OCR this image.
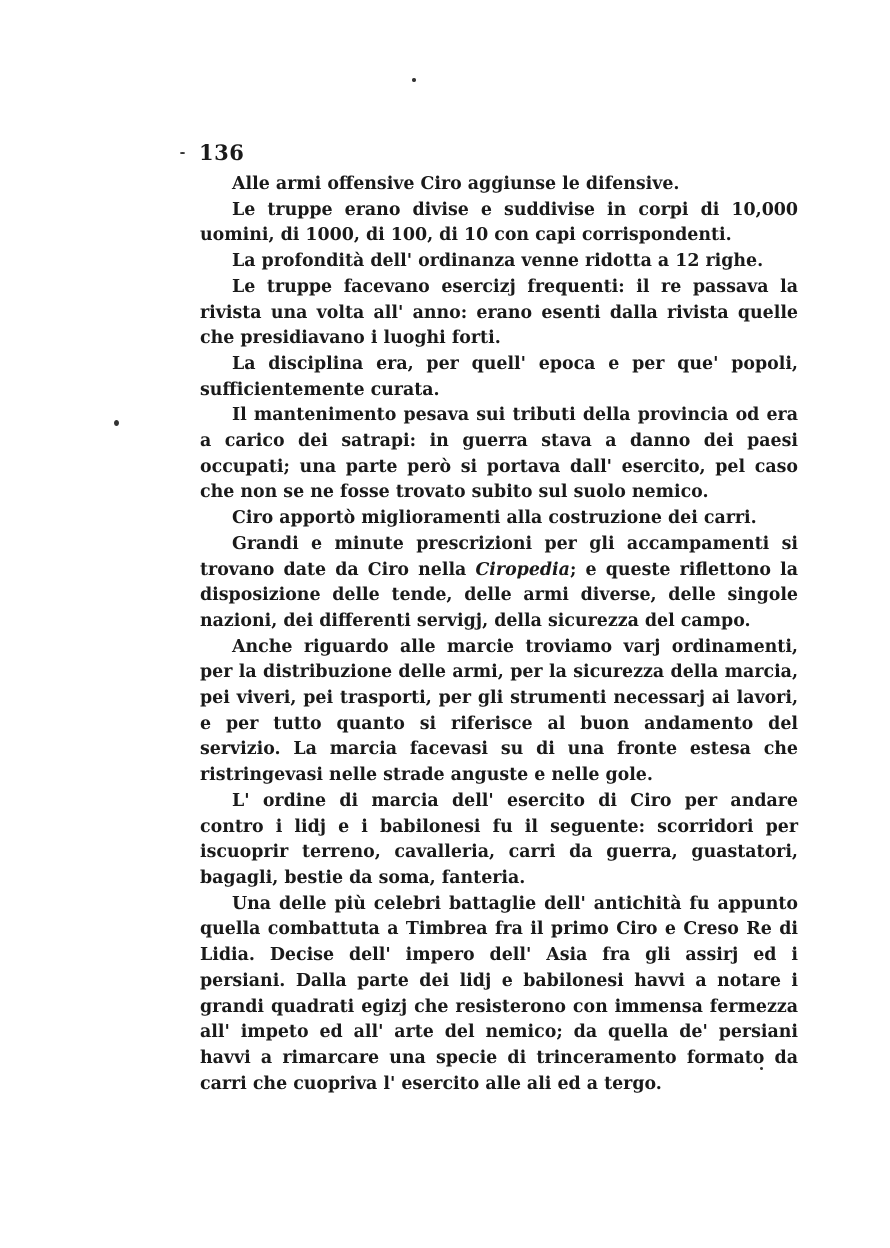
136

Alle armi offensive Ciro aggiunse le difensive.

Le truppe erano divise e suddivise in corpi di 10,000 uomini, di 1000, di 100, di 10 con capi corrispondenti.

La profondità dell' ordinanza venne ridotta a 12 righe.

Le truppe facevano esercizj frequenti: il re passava la rivista una volta all' anno: erano esenti dalla rivista quelle che presidiavano i luoghi forti.

La disciplina era, per quell' epoca e per que' popoli, sufficientemente curata.

Il mantenimento pesava sui tributi della provincia od era a carico dei satrapi: in guerra stava a danno dei paesi occupati; una parte però si portava dall' esercito, pel caso che non se ne fosse trovato subito sul suolo nemico.

Ciro apportò miglioramenti alla costruzione dei carri.

Grandi e minute prescrizioni per gli accampamenti si trovano date da Ciro nella Ciropedia; e queste riflettono la disposizione delle tende, delle armi diverse, delle singole nazioni, dei differenti servigj, della sicurezza del campo.

Anche riguardo alle marcie troviamo varj ordinamenti, per la distribuzione delle armi, per la sicurezza della marcia, pei viveri, pei trasporti, per gli strumenti necessarj ai lavori, e per tutto quanto si riferisce al buon andamento del servizio. La marcia facevasi su di una fronte estesa che ristringevasi nelle strade anguste e nelle gole.

L' ordine di marcia dell' esercito di Ciro per andare contro i lidj e i babilonesi fu il seguente: scorridori per iscuoprir terreno, cavalleria, carri da guerra, guastatori, bagagli, bestie da soma, fanteria.

Una delle più celebri battaglie dell' antichità fu appunto quella combattuta a Timbrea fra il primo Ciro e Creso Re di Lidia. Decise dell' impero dell' Asia fra gli assirj ed i persiani. Dalla parte dei lidj e babilonesi havvi a notare i grandi quadrati egizj che resisterono con immensa fermezza all' impeto ed all' arte del nemico; da quella de' persiani havvi a rimarcare una specie di trinceramento formato da carri che cuopriva l' esercito alle ali ed a tergo.
